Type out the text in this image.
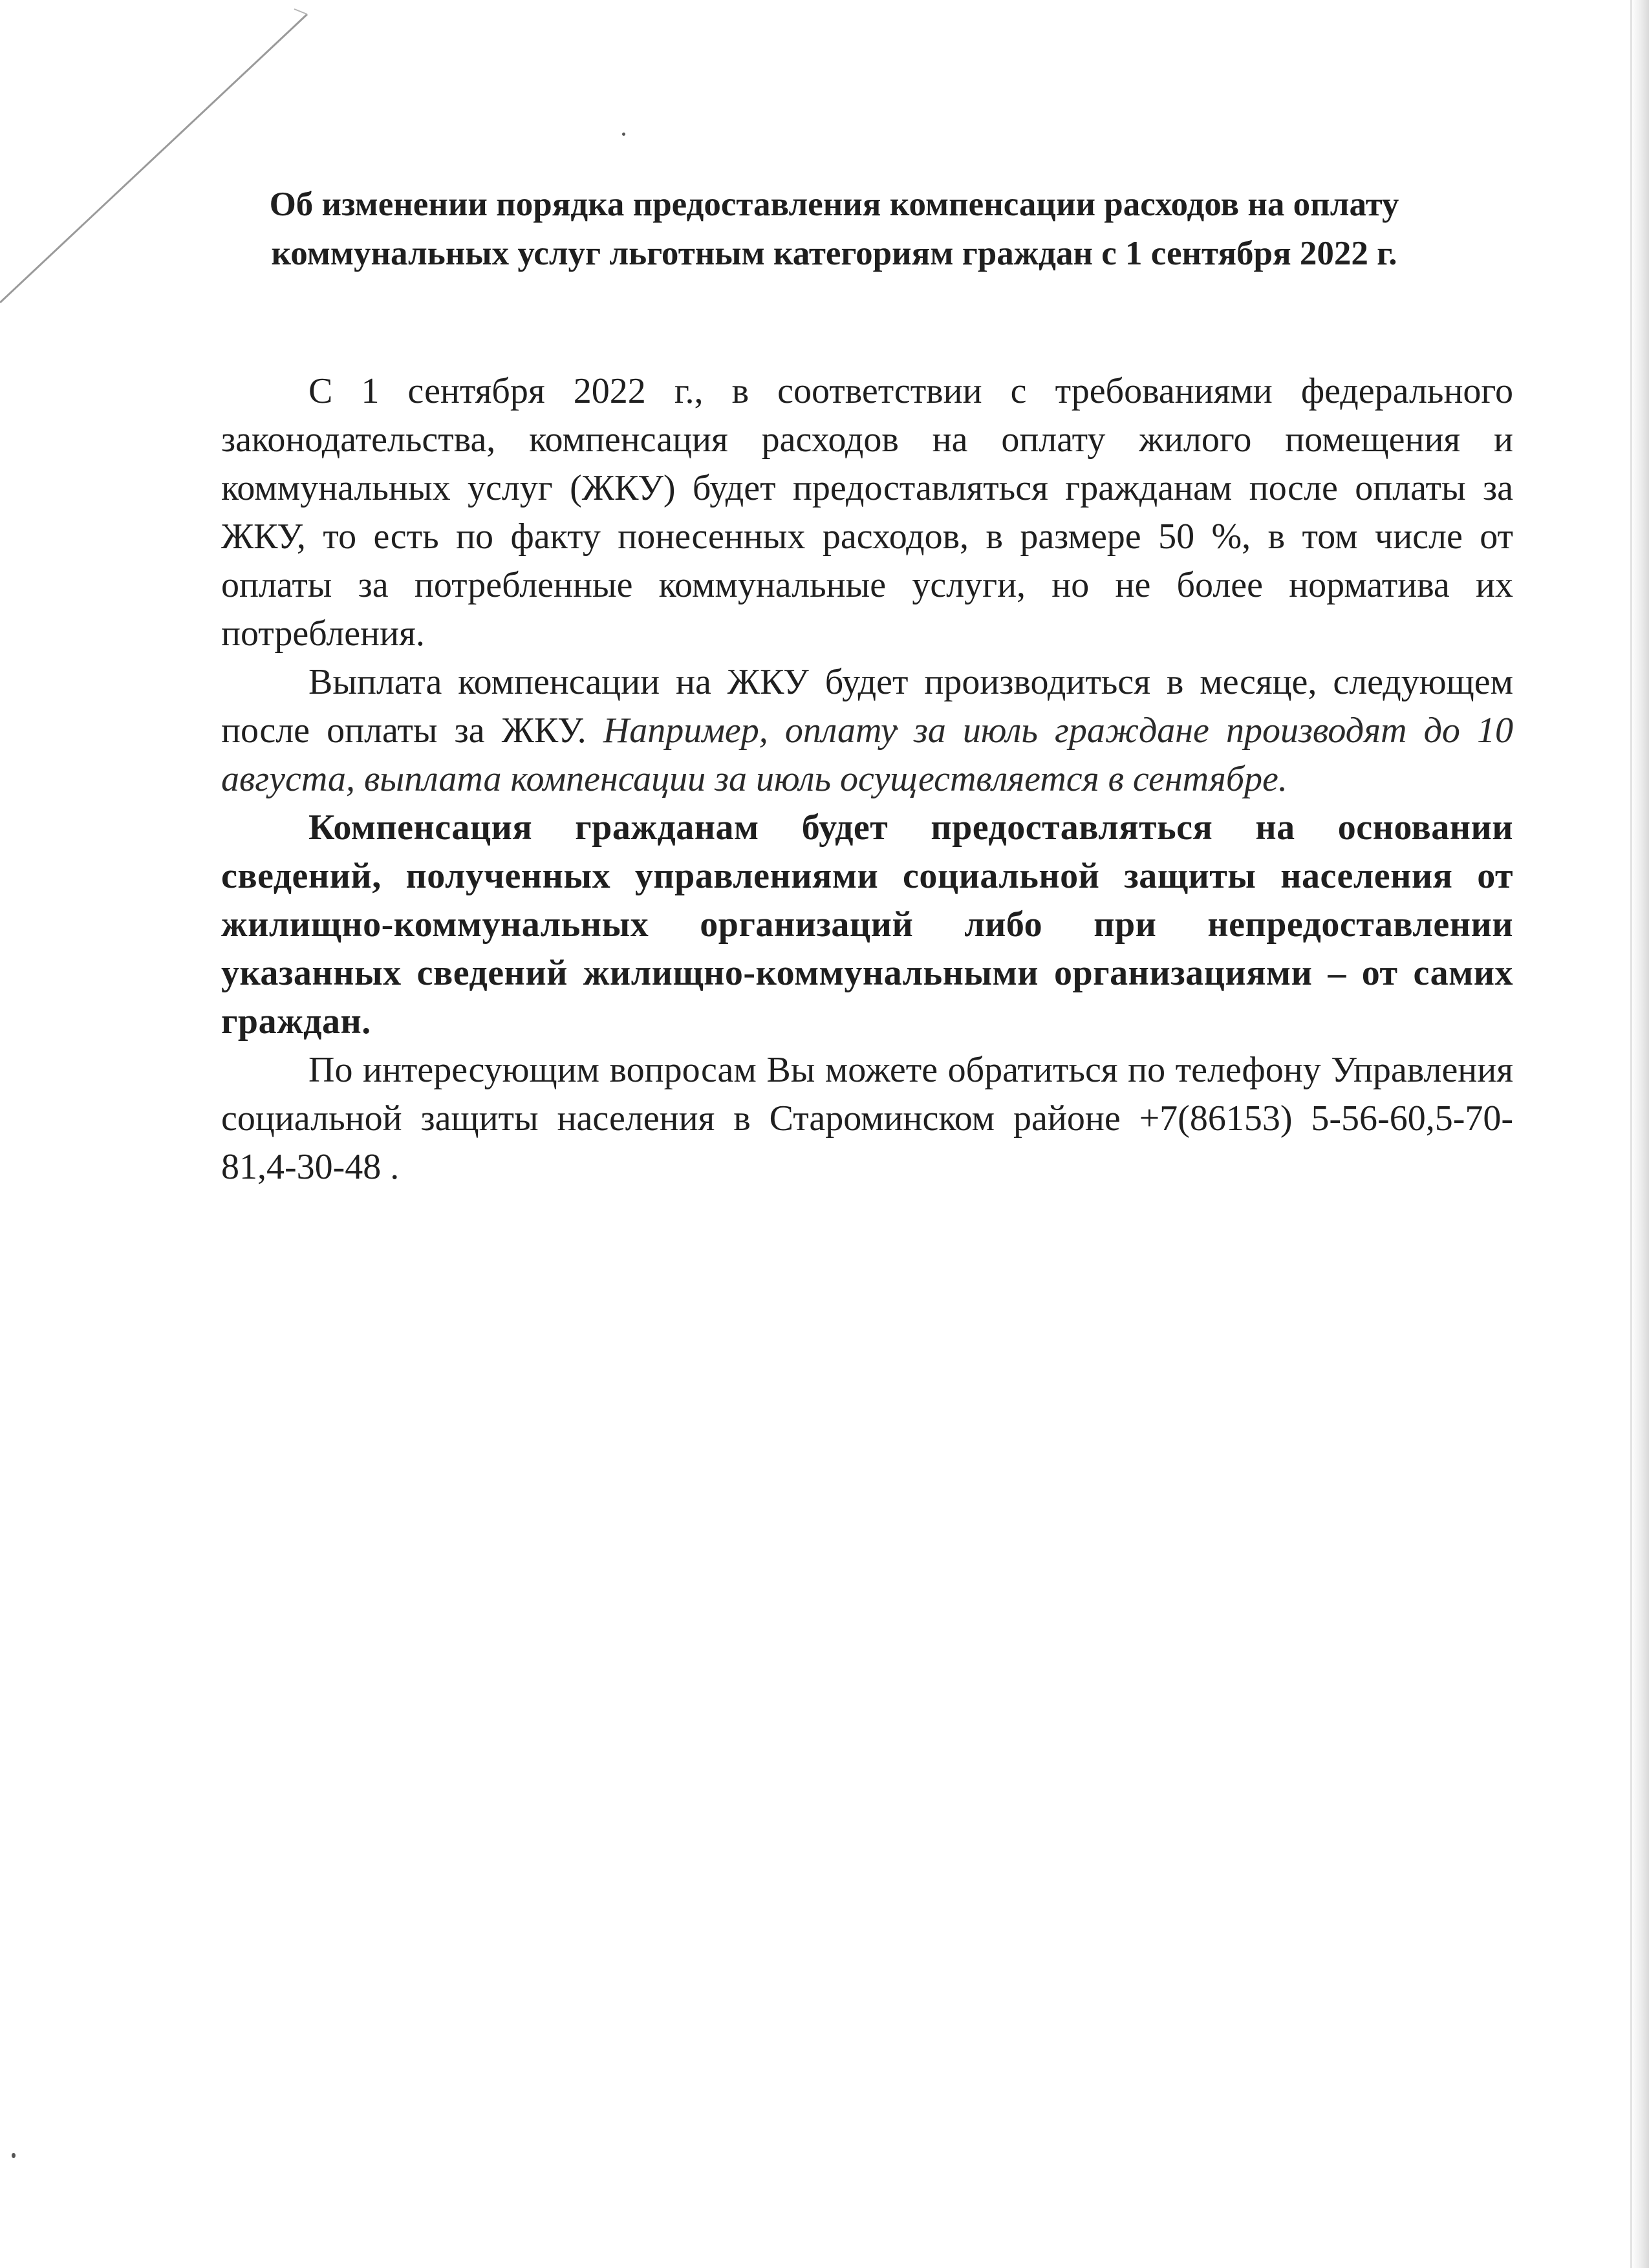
Об изменении порядка предоставления компенсации расходов на оплату коммунальных услуг льготным категориям граждан с 1 сентября 2022 г.

С 1 сентября 2022 г., в соответствии с требованиями федерального законодательства, компенсация расходов на оплату жилого помещения и коммунальных услуг (ЖКУ) будет предоставляться гражданам после оплаты за ЖКУ, то есть по факту понесенных расходов, в размере 50 %, в том числе от оплаты за потребленные коммунальные услуги, но не более норматива их потребления.

Выплата компенсации на ЖКУ будет производиться в месяце, следующем после оплаты за ЖКУ. Например, оплату за июль граждане производят до 10 августа, выплата компенсации за июль осуществляется в сентябре.

Компенсация гражданам будет предоставляться на основании сведений, полученных управлениями социальной защиты населения от жилищно-коммунальных организаций либо при непредоставлении указанных сведений жилищно-коммунальными организациями – от самих граждан.

По интересующим вопросам Вы можете обратиться по телефону Управления социальной защиты населения в Староминском районе +7(86153) 5-56-60,5-70-81,4-30-48 .
